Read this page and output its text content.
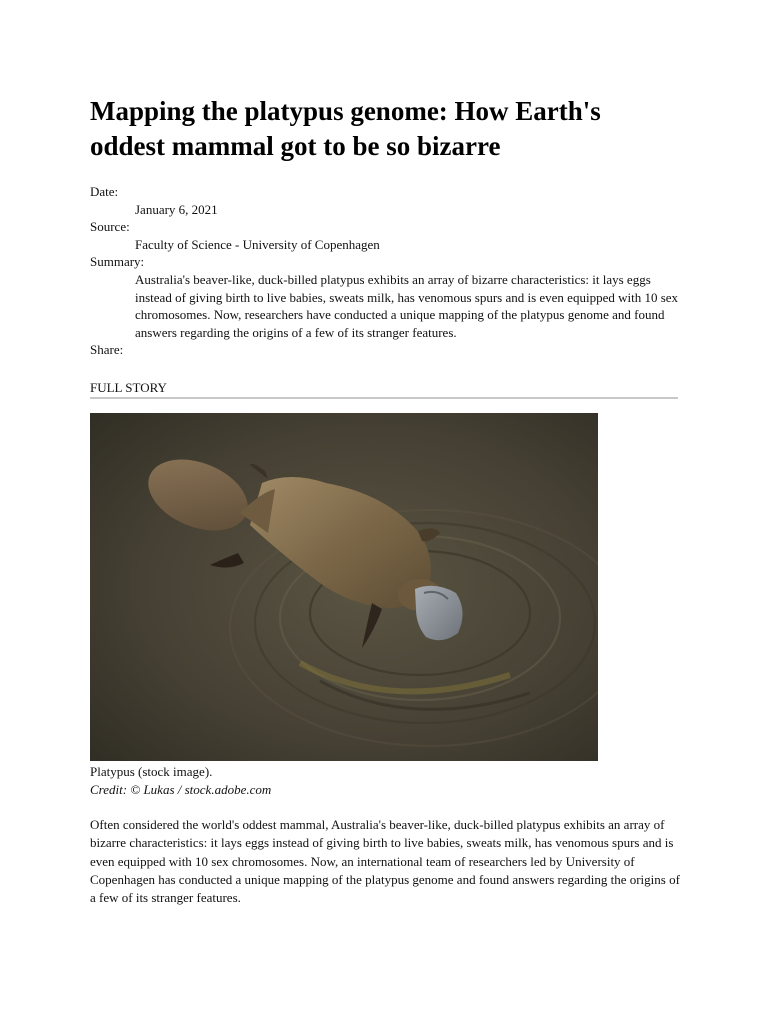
Mapping the platypus genome: How Earth's oddest mammal got to be so bizarre
Date:
January 6, 2021
Source:
Faculty of Science - University of Copenhagen
Summary:
Australia's beaver-like, duck-billed platypus exhibits an array of bizarre characteristics: it lays eggs instead of giving birth to live babies, sweats milk, has venomous spurs and is even equipped with 10 sex chromosomes. Now, researchers have conducted a unique mapping of the platypus genome and found answers regarding the origins of a few of its stranger features.
Share:
FULL STORY
Platypus (stock image).
Credit: © Lukas / stock.adobe.com

Often considered the world's oddest mammal, Australia's beaver-like, duck-billed platypus exhibits an array of bizarre characteristics: it lays eggs instead of giving birth to live babies, sweats milk, has venomous spurs and is even equipped with 10 sex chromosomes. Now, an international team of researchers led by University of Copenhagen has conducted a unique mapping of the platypus genome and found answers regarding the origins of a few of its stranger features.
